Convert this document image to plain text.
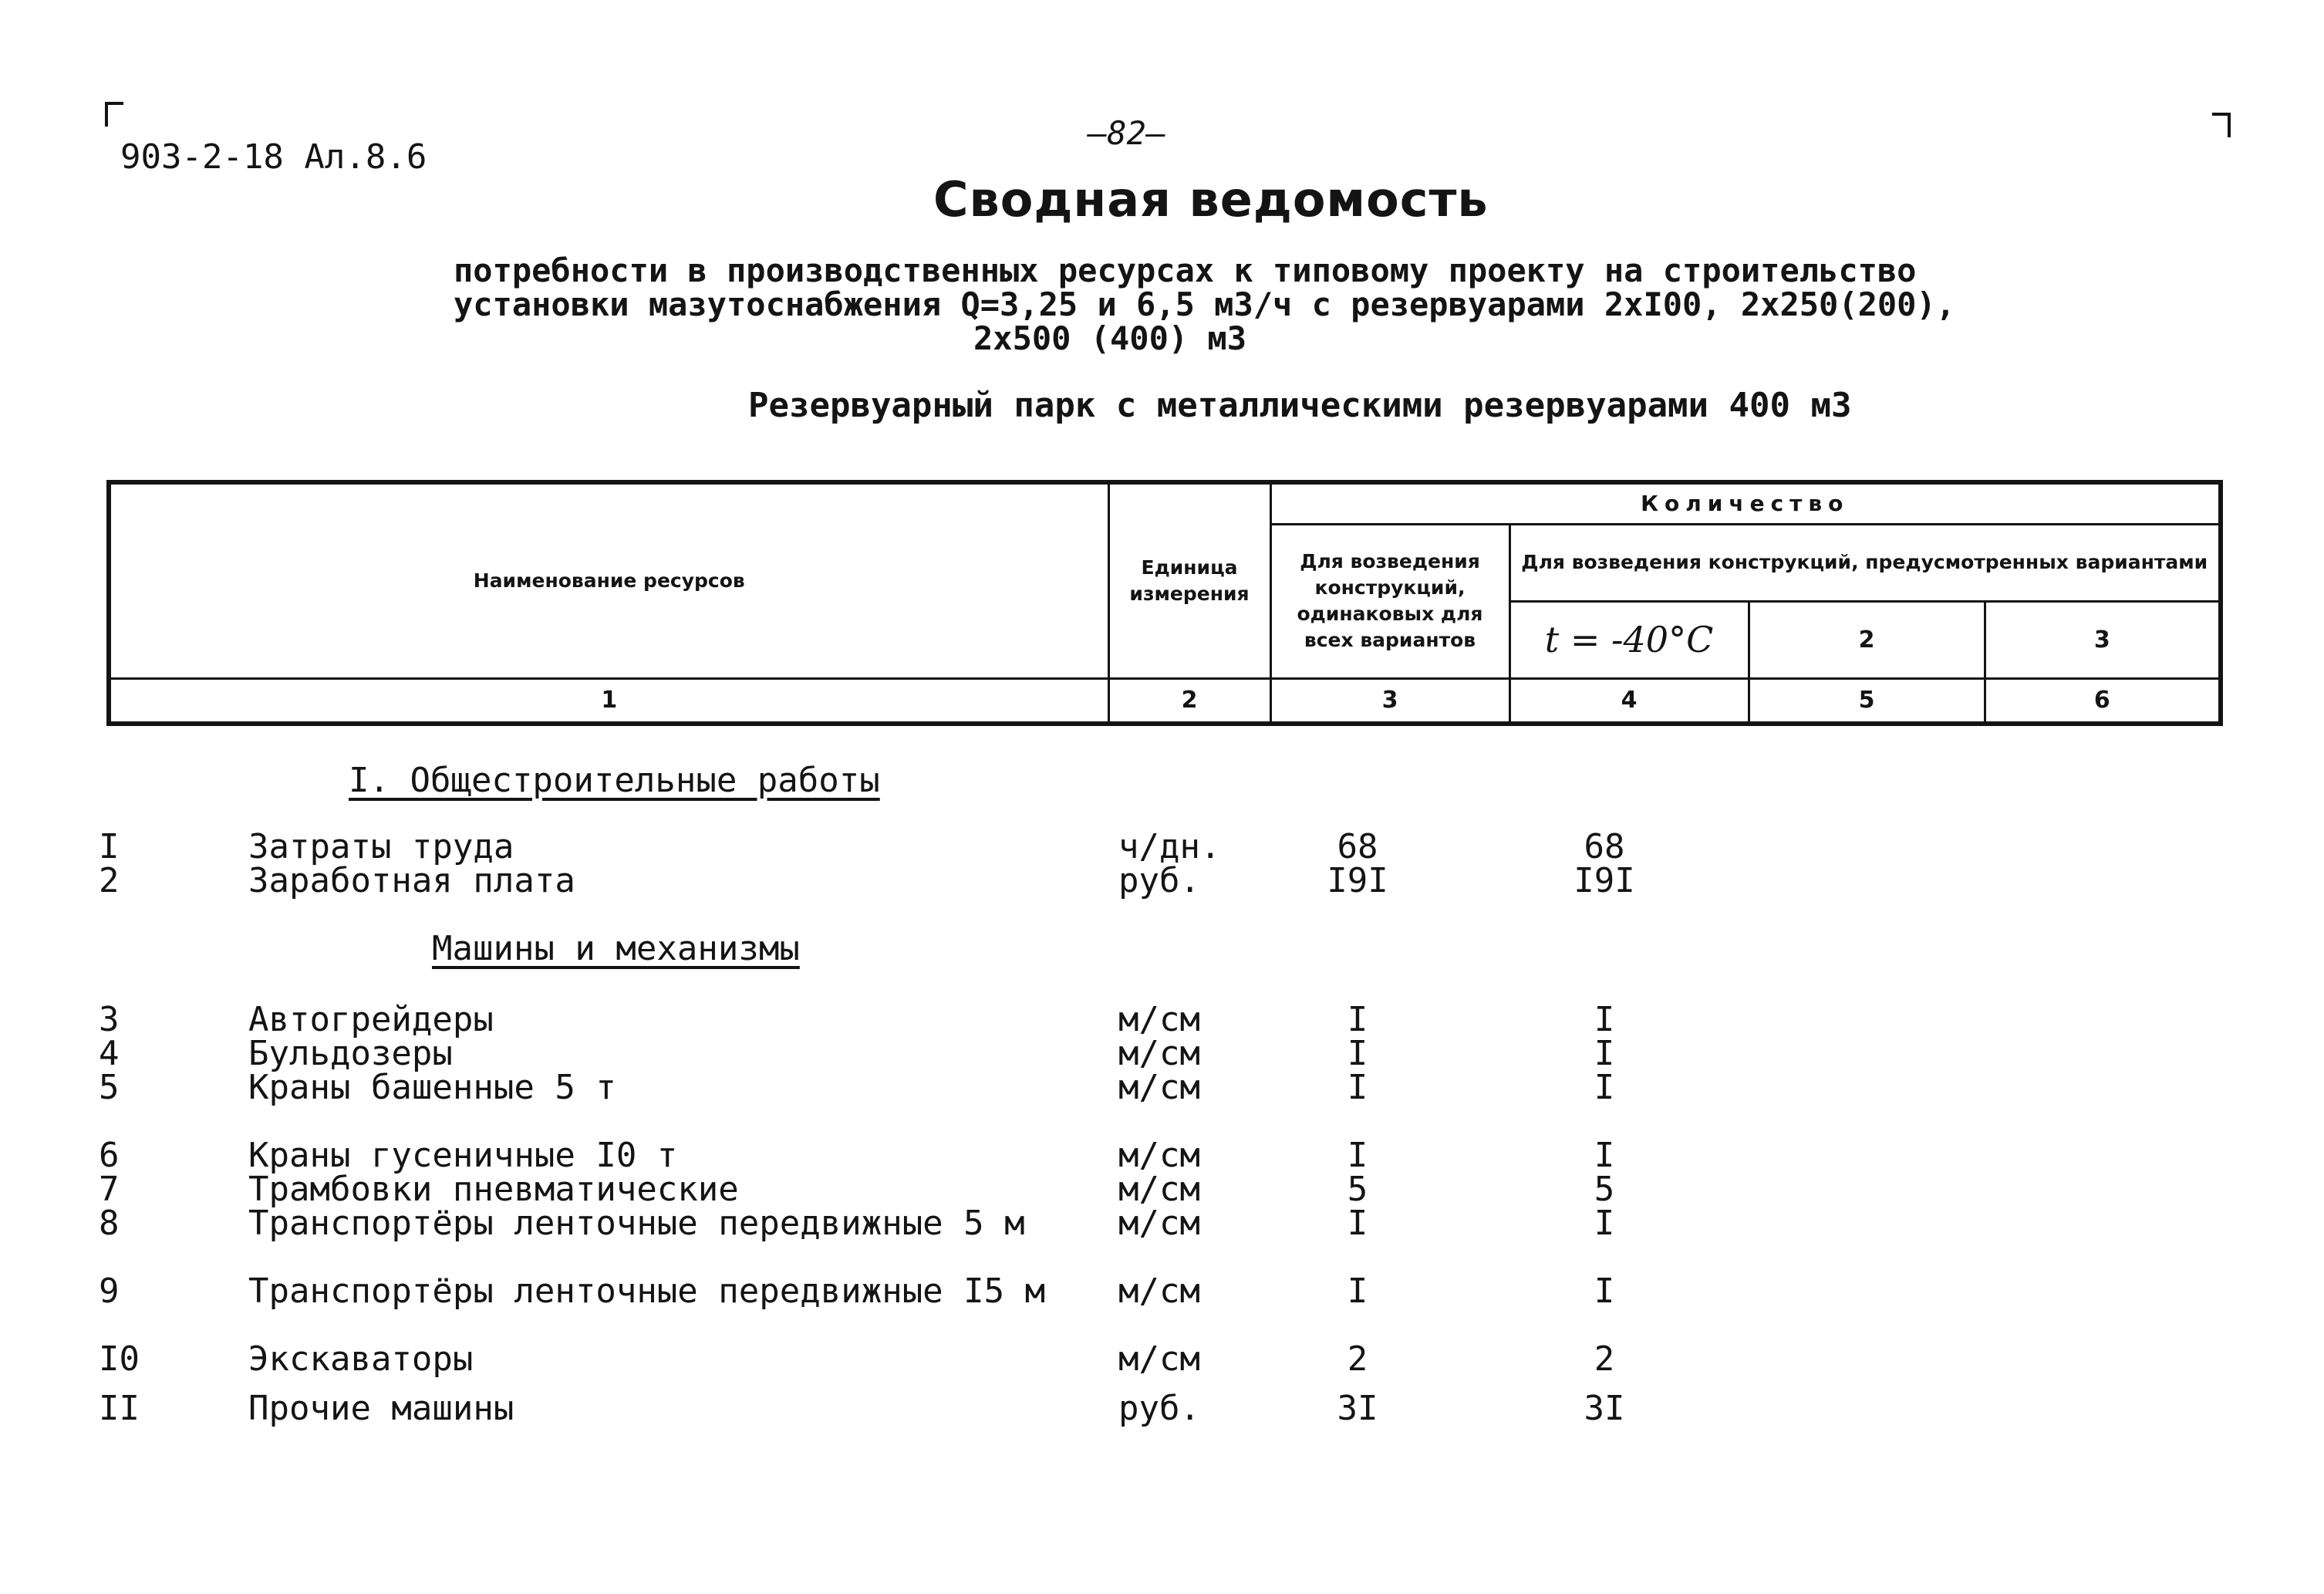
903-2-18 Ал.8.6
—82—
Сводная ведомость
потребности в производственных ресурсах к типовому проекту на строительство
установки мазутоснабжения Q=3,25 и 6,5 м3/ч с резервуарами 2хI00, 2х250(200),
2х500 (400) м3
Резервуарный парк с металлическими резервуарами 400 м3
Наименование ресурсов	Единица измерения	Количество			
		Для возведения конструкций, одинаковых для всех вариантов	Для возведения конструкций, предусмотренных вариантами		
			t = -40°C	2	3
1	2	3	4	5	6
I. Общестроительные работы
Машины и механизмы
I	Затраты труда	ч/дн.	68	68
2	Заработная плата	руб.	I9I	I9I
3	Автогрейдеры	м/см	I	I
4	Бульдозеры	м/см	I	I
5	Краны башенные 5 т	м/см	I	I
6	Краны гусеничные I0 т	м/см	I	I
7	Трамбовки пневматические	м/см	5	5
8	Транспортёры ленточные передвижные 5 м	м/см	I	I
9	Транспортёры ленточные передвижные I5 м м/см	I	I
I0	Экскаваторы	м/см	2	2
II	Прочие машины	руб.	3I	3I
